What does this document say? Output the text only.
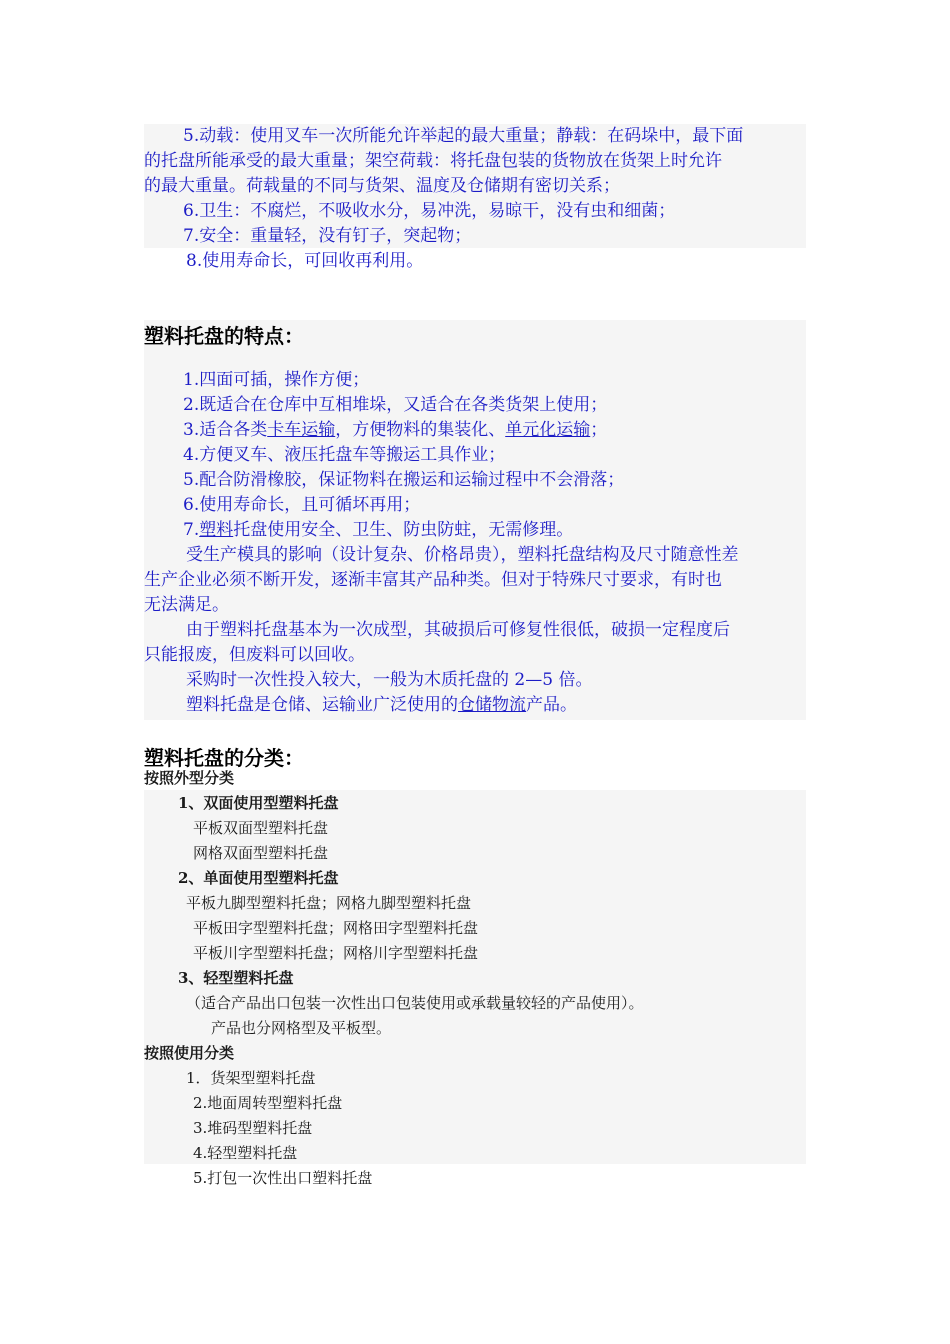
5.动载：使用叉车一次所能允许举起的最大重量；静载：在码垛中，最下面
的托盘所能承受的最大重量；架空荷载：将托盘包装的货物放在货架上时允许
的最大重量。荷载量的不同与货架、温度及仓储期有密切关系；
6.卫生：不腐烂，不吸收水分，易冲洗，易晾干，没有虫和细菌；
7.安全：重量轻，没有钉子，突起物；
8.使用寿命长，可回收再利用。
塑料托盘的特点：
1.四面可插，操作方便；
2.既适合在仓库中互相堆垛，又适合在各类货架上使用；
3.适合各类卡车运输，方便物料的集装化、单元化运输；
4.方便叉车、液压托盘车等搬运工具作业；
5.配合防滑橡胶，保证物料在搬运和运输过程中不会滑落；
6.使用寿命长，且可循坏再用；
7.塑料托盘使用安全、卫生、防虫防蛀，无需修理。
受生产模具的影响（设计复杂、价格昂贵），塑料托盘结构及尺寸随意性差
生产企业必须不断开发，逐渐丰富其产品种类。但对于特殊尺寸要求，有时也
无法满足。
由于塑料托盘基本为一次成型，其破损后可修复性很低，破损一定程度后
只能报废，但废料可以回收。
采购时一次性投入较大，一般为木质托盘的 2—5 倍。
塑料托盘是仓储、运输业广泛使用的仓储物流产品。
塑料托盘的分类：
按照外型分类
1、双面使用型塑料托盘
平板双面型塑料托盘
网格双面型塑料托盘
2、单面使用型塑料托盘
平板九脚型塑料托盘；网格九脚型塑料托盘
平板田字型塑料托盘；网格田字型塑料托盘
平板川字型塑料托盘；网格川字型塑料托盘
3、轻型塑料托盘
（适合产品出口包装一次性出口包装使用或承载量较轻的产品使用）。
产品也分网格型及平板型。
按照使用分类
1．货架型塑料托盘
2.地面周转型塑料托盘
3.堆码型塑料托盘
4.轻型塑料托盘
5.打包一次性出口塑料托盘
